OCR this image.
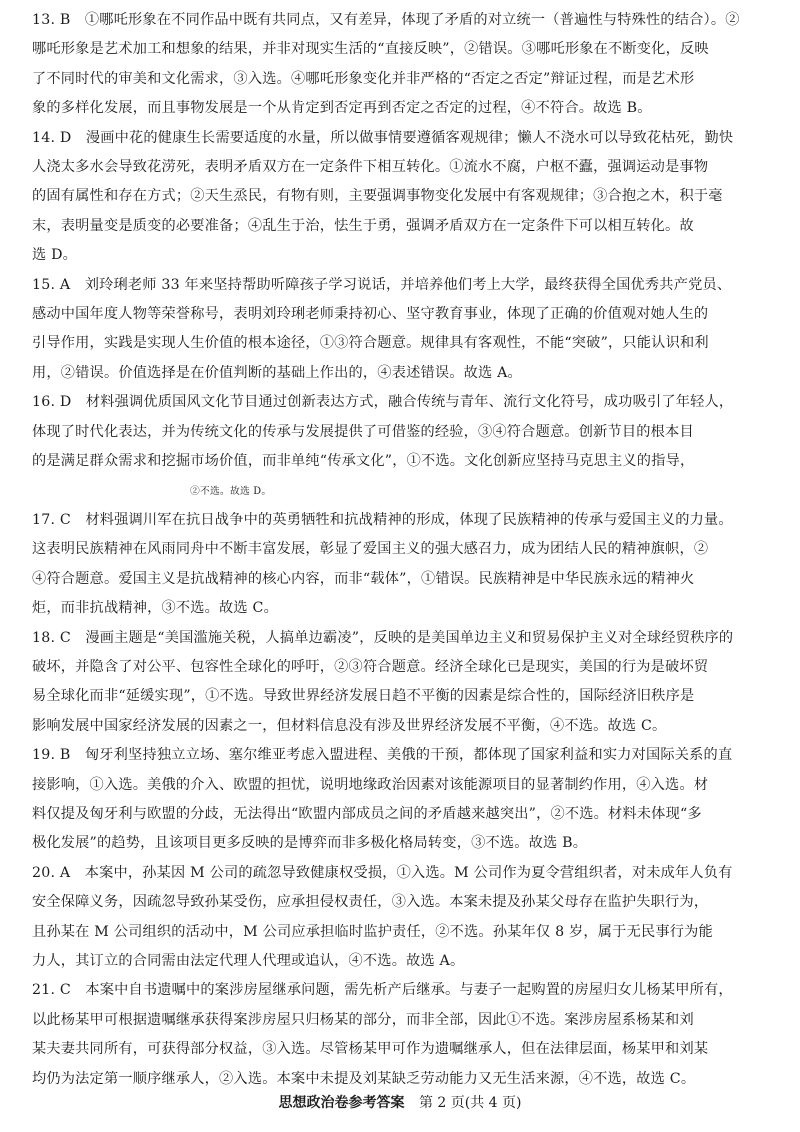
13. B　①哪吒形象在不同作品中既有共同点，又有差异，体现了矛盾的对立统一（普遍性与特殊性的结合）。②
哪吒形象是艺术加工和想象的结果，并非对现实生活的“直接反映”，②错误。③哪吒形象在不断变化，反映
了不同时代的审美和文化需求，③入选。④哪吒形象变化并非严格的“否定之否定”辩证过程，而是艺术形
象的多样化发展，而且事物发展是一个从肯定到否定再到否定之否定的过程，④不符合。故选 B。

14. D　漫画中花的健康生长需要适度的水量，所以做事情要遵循客观规律；懒人不浇水可以导致花枯死，勤快
人浇太多水会导致花涝死，表明矛盾双方在一定条件下相互转化。①流水不腐，户枢不蠹，强调运动是事物
的固有属性和存在方式；②天生烝民，有物有则，主要强调事物变化发展中有客观规律；③合抱之木，积于毫
末，表明量变是质变的必要准备；④乱生于治，怯生于勇，强调矛盾双方在一定条件下可以相互转化。故
选 D。

15. A　刘玲琍老师 33 年来坚持帮助听障孩子学习说话，并培养他们考上大学，最终获得全国优秀共产党员、
感动中国年度人物等荣誉称号，表明刘玲琍老师秉持初心、坚守教育事业，体现了正确的价值观对她人生的
引导作用，实践是实现人生价值的根本途径，①③符合题意。规律具有客观性，不能“突破”，只能认识和利
用，②错误。价值选择是在价值判断的基础上作出的，④表述错误。故选 A。

16. D　材料强调优质国风文化节目通过创新表达方式，融合传统与青年、流行文化符号，成功吸引了年轻人，
体现了时代化表达，并为传统文化的传承与发展提供了可借鉴的经验，③④符合题意。创新节目的根本目
的是满足群众需求和挖掘市场价值，而非单纯“传承文化”，①不选。文化创新应坚持马克思主义的指导，
②不选。故选 D。

17. C　材料强调川军在抗日战争中的英勇牺牲和抗战精神的形成，体现了民族精神的传承与爱国主义的力量。
这表明民族精神在风雨同舟中不断丰富发展，彰显了爱国主义的强大感召力，成为团结人民的精神旗帜，②
④符合题意。爱国主义是抗战精神的核心内容，而非“载体”，①错误。民族精神是中华民族永远的精神火
炬，而非抗战精神，③不选。故选 C。

18. C　漫画主题是“美国滥施关税，人搞单边霸凌”，反映的是美国单边主义和贸易保护主义对全球经贸秩序的
破坏，并隐含了对公平、包容性全球化的呼吁，②③符合题意。经济全球化已是现实，美国的行为是破坏贸
易全球化而非“延缓实现”，①不选。导致世界经济发展日趋不平衡的因素是综合性的，国际经济旧秩序是
影响发展中国家经济发展的因素之一，但材料信息没有涉及世界经济发展不平衡，④不选。故选 C。

19. B　匈牙利坚持独立立场、塞尔维亚考虑入盟进程、美俄的干预，都体现了国家利益和实力对国际关系的直
接影响，①入选。美俄的介入、欧盟的担忧，说明地缘政治因素对该能源项目的显著制约作用，④入选。材
料仅提及匈牙利与欧盟的分歧，无法得出“欧盟内部成员之间的矛盾越来越突出”，②不选。材料未体现“多
极化发展”的趋势，且该项目更多反映的是博弈而非多极化格局转变，③不选。故选 B。

20. A　本案中，孙某因 M 公司的疏忽导致健康权受损，①入选。M 公司作为夏令营组织者，对未成年人负有
安全保障义务，因疏忽导致孙某受伤，应承担侵权责任，③入选。本案未提及孙某父母存在监护失职行为，
且孙某在 M 公司组织的活动中，M 公司应承担临时监护责任，②不选。孙某年仅 8 岁，属于无民事行为能
力人，其订立的合同需由法定代理人代理或追认，④不选。故选 A。

21. C　本案中自书遗嘱中的案涉房屋继承问题，需先析产后继承。与妻子一起购置的房屋归女儿杨某甲所有，
以此杨某甲可根据遗嘱继承获得案涉房屋只归杨某的部分，而非全部，因此①不选。案涉房屋系杨某和刘
某夫妻共同所有，可获得部分权益，③入选。尽管杨某甲可作为遗嘱继承人，但在法律层面，杨某甲和刘某
均仍为法定第一顺序继承人，②入选。本案中未提及刘某缺乏劳动能力又无生活来源，④不选，故选 C。

思想政治卷参考答案 第 2 页(共 4 页)
